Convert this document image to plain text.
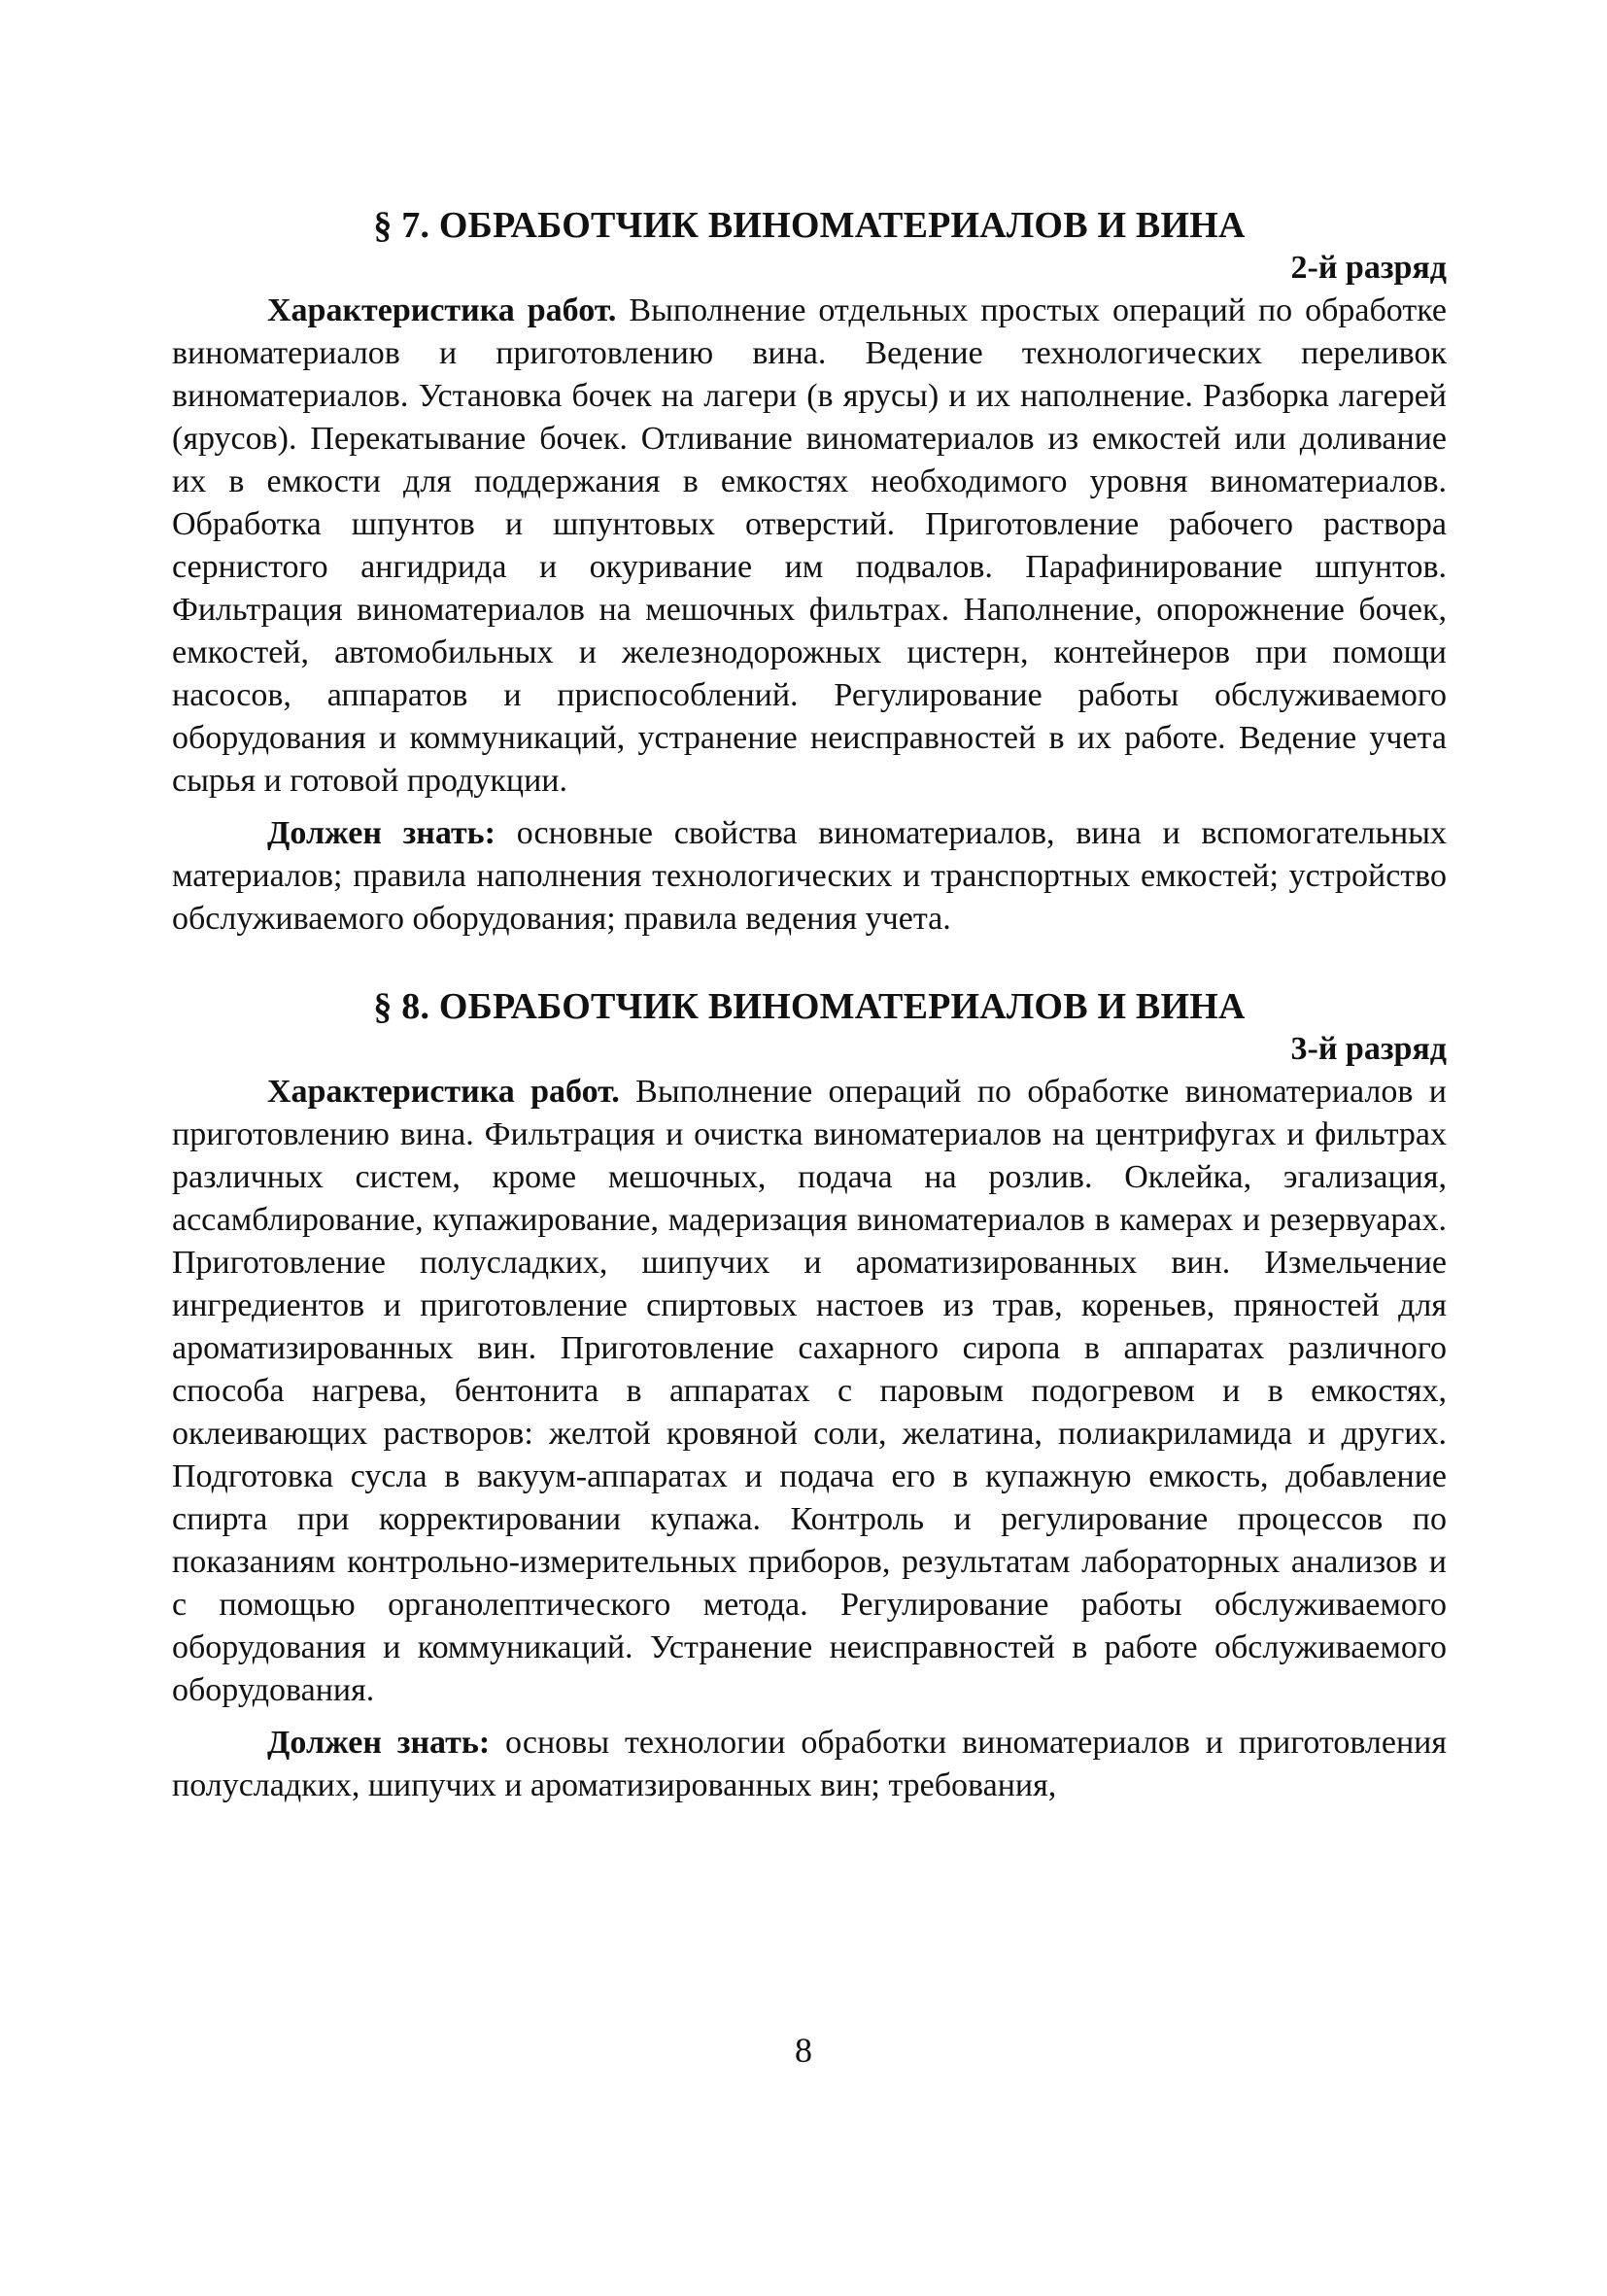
§ 7. ОБРАБОТЧИК ВИНОМАТЕРИАЛОВ И ВИНА

2-й разряд

Характеристика работ. Выполнение отдельных простых операций по обработке виноматериалов и приготовлению вина. Ведение технологических переливок виноматериалов. Установка бочек на лагери (в ярусы) и их наполнение. Разборка лагерей (ярусов). Перекатывание бочек. Отливание виноматериалов из емкостей или доливание их в емкости для поддержания в емкостях необходимого уровня виноматериалов. Обработка шпунтов и шпунтовых отверстий. Приготовление рабочего раствора сернистого ангидрида и окуривание им подвалов. Парафинирование шпунтов. Фильтрация виноматериалов на мешочных фильтрах. Наполнение, опорожнение бочек, емкостей, автомобильных и железнодорожных цистерн, контейнеров при помощи насосов, аппаратов и приспособлений. Регулирование работы обслуживаемого оборудования и коммуникаций, устранение неисправностей в их работе. Ведение учета сырья и готовой продукции.

Должен знать: основные свойства виноматериалов, вина и вспомогательных материалов; правила наполнения технологических и транспортных емкостей; устройство обслуживаемого оборудования; правила ведения учета.

§ 8. ОБРАБОТЧИК ВИНОМАТЕРИАЛОВ И ВИНА

3-й разряд

Характеристика работ. Выполнение операций по обработке виноматериалов и приготовлению вина. Фильтрация и очистка виноматериалов на центрифугах и фильтрах различных систем, кроме мешочных, подача на розлив. Оклейка, эгализация, ассамблирование, купажирование, мадеризация виноматериалов в камерах и резервуарах. Приготовление полусладких, шипучих и ароматизированных вин. Измельчение ингредиентов и приготовление спиртовых настоев из трав, кореньев, пряностей для ароматизированных вин. Приготовление сахарного сиропа в аппаратах различного способа нагрева, бентонита в аппаратах с паровым подогревом и в емкостях, оклеивающих растворов: желтой кровяной соли, желатина, полиакриламида и других. Подготовка сусла в вакуум-аппаратах и подача его в купажную емкость, добавление спирта при корректировании купажа. Контроль и регулирование процессов по показаниям контрольно-измерительных приборов, результатам лабораторных анализов и с помощью органолептического метода. Регулирование работы обслуживаемого оборудования и коммуникаций. Устранение неисправностей в работе обслуживаемого оборудования.

Должен знать: основы технологии обработки виноматериалов и приготовления полусладких, шипучих и ароматизированных вин; требования,

8
